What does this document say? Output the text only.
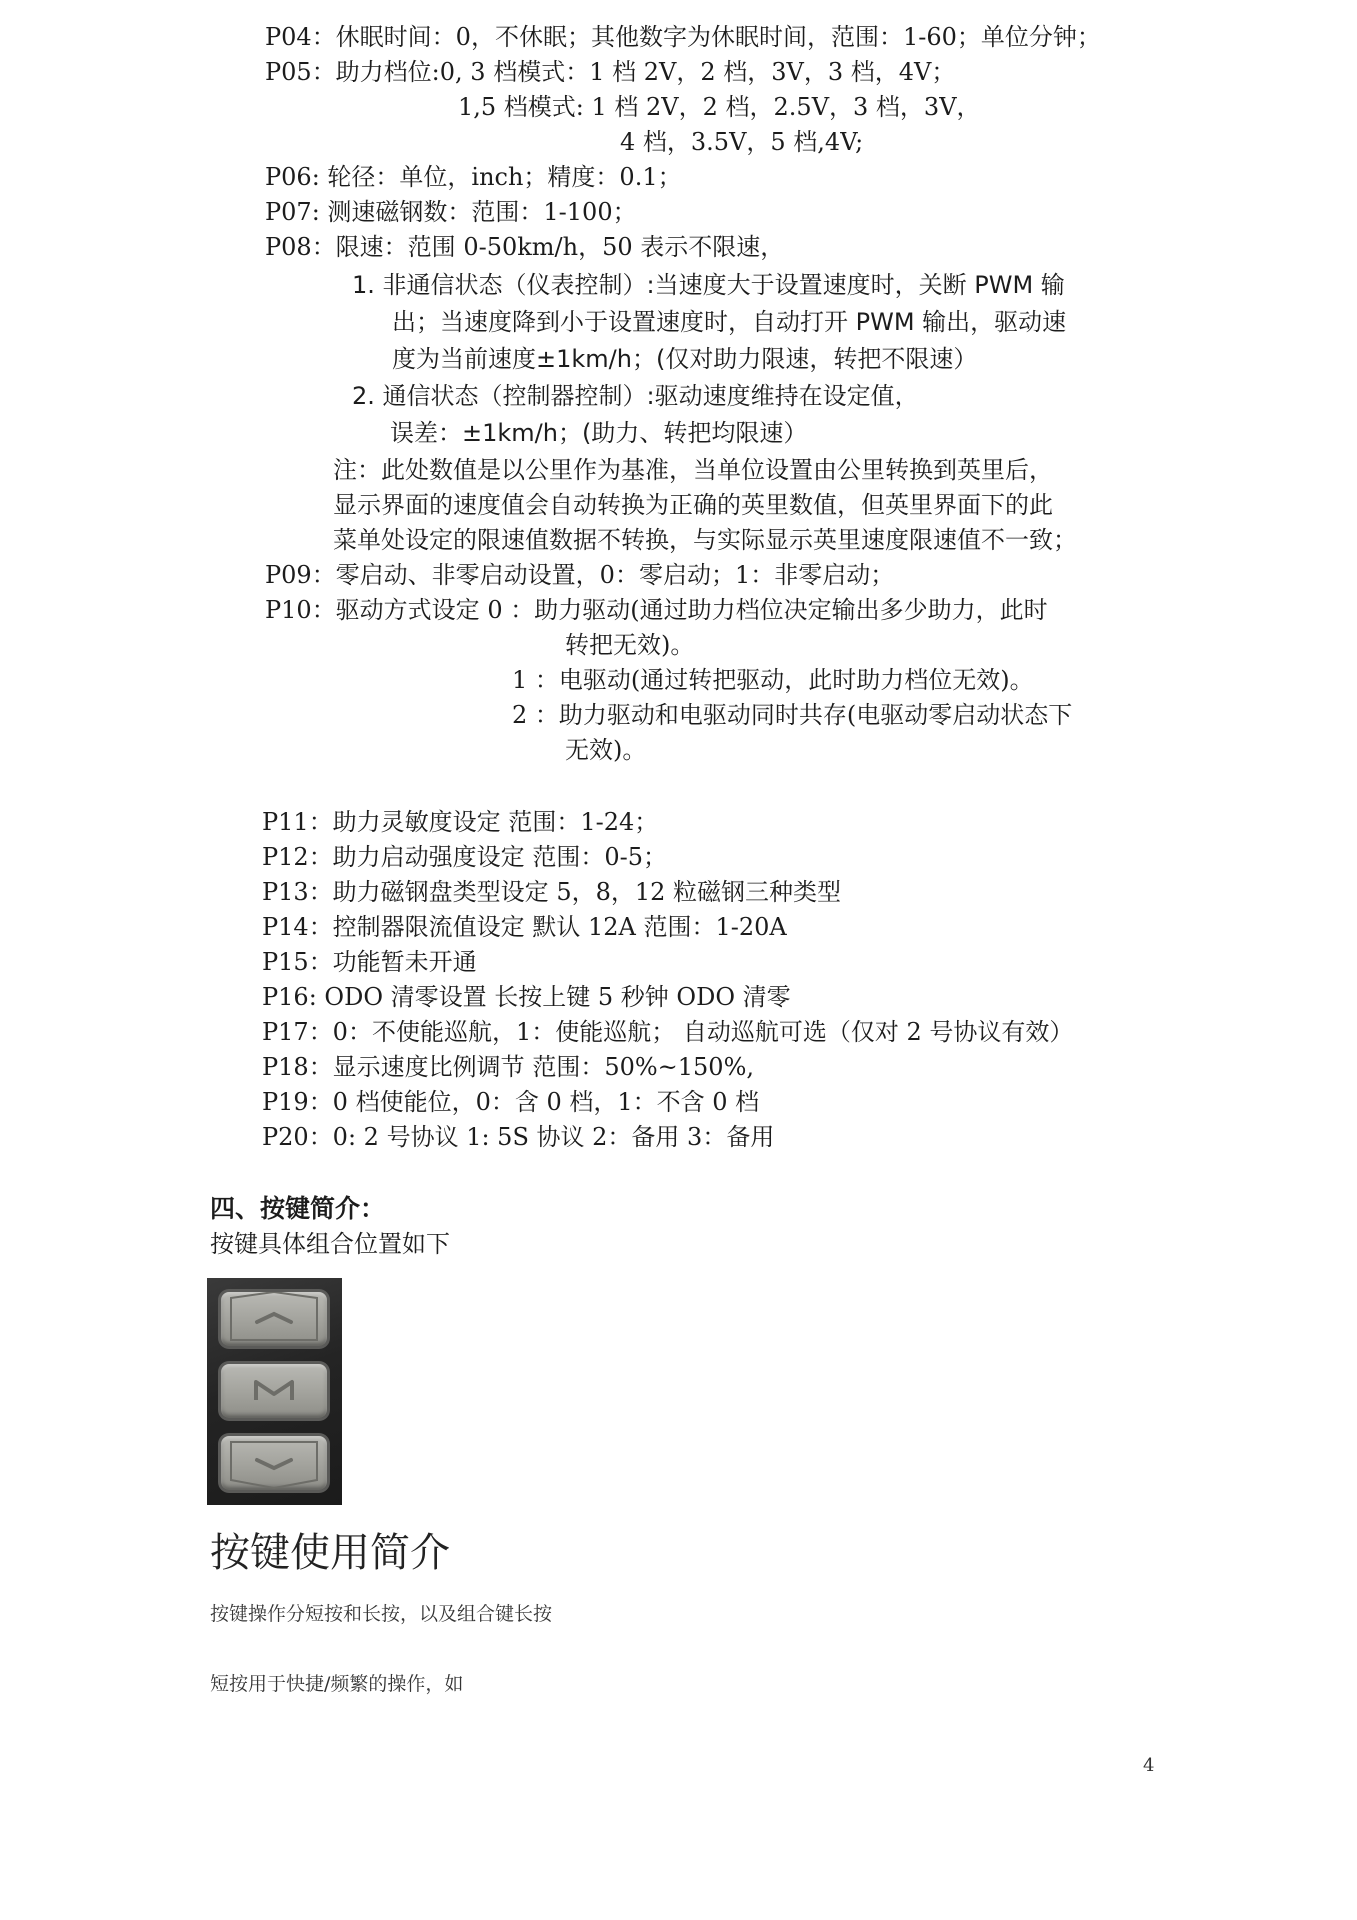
P04：休眠时间：0，不休眠；其他数字为休眠时间，范围：1-60；单位分钟；
P05：助力档位:0, 3 档模式：1 档 2V，2 档，3V，3 档，4V；
1,5 档模式: 1 档 2V，2 档，2.5V，3 档，3V，
4 档，3.5V，5 档,4V;
P06: 轮径：单位，inch；精度：0.1；
P07: 测速磁钢数：范围：1-100；
P08：限速：范围 0-50km/h，50 表示不限速，
1. 非通信状态（仪表控制）:当速度大于设置速度时，关断 PWM 输
出；当速度降到小于设置速度时，自动打开 PWM 输出，驱动速
度为当前速度±1km/h；(仅对助力限速，转把不限速）
2. 通信状态（控制器控制）:驱动速度维持在设定值，
误差：±1km/h；(助力、转把均限速）
注：此处数值是以公里作为基准，当单位设置由公里转换到英里后，
显示界面的速度值会自动转换为正确的英里数值，但英里界面下的此
菜单处设定的限速值数据不转换，与实际显示英里速度限速值不一致；
P09：零启动、非零启动设置，0：零启动；1：非零启动；
P10：驱动方式设定 0 ：助力驱动(通过助力档位决定输出多少助力，此时
转把无效)。
1 ：电驱动(通过转把驱动，此时助力档位无效)。
2 ：助力驱动和电驱动同时共存(电驱动零启动状态下
无效)。
P11：助力灵敏度设定 范围：1-24；
P12：助力启动强度设定 范围：0-5；
P13：助力磁钢盘类型设定 5，8，12 粒磁钢三种类型
P14：控制器限流值设定 默认 12A 范围：1-20A
P15：功能暂未开通
P16: ODO 清零设置 长按上键 5 秒钟 ODO 清零
P17：0：不使能巡航，1：使能巡航； 自动巡航可选（仅对 2 号协议有效）
P18：显示速度比例调节 范围：50%~150%,
P19：0 档使能位，0：含 0 档，1：不含 0 档
P20：0: 2 号协议 1: 5S 协议 2：备用 3：备用
四、按键简介：
按键具体组合位置如下
按键使用简介
按键操作分短按和长按，以及组合键长按
短按用于快捷/频繁的操作，如
4
